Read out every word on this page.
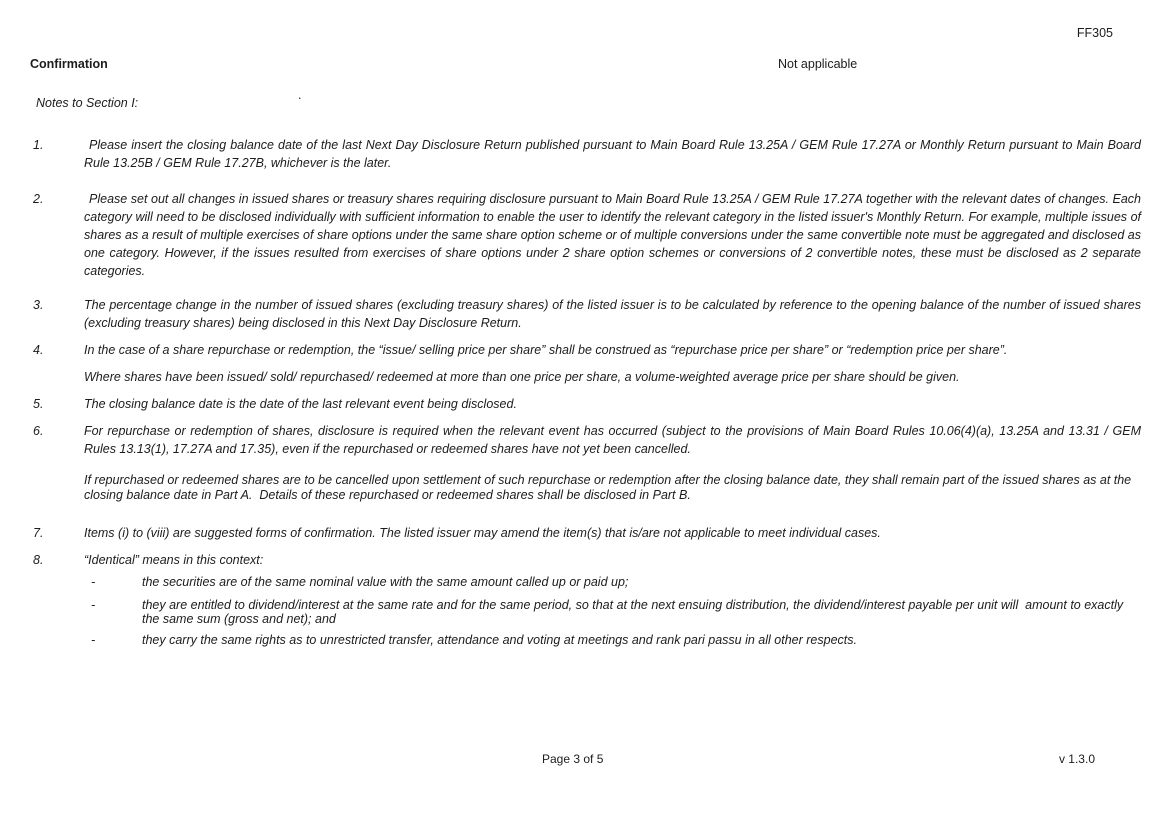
FF305
Confirmation	Not applicable
Notes to Section I:
.
1.	Please insert the closing balance date of the last Next Day Disclosure Return published pursuant to Main Board Rule 13.25A / GEM Rule 17.27A or Monthly Return pursuant to Main Board Rule 13.25B / GEM Rule 17.27B, whichever is the later.

2.	Please set out all changes in issued shares or treasury shares requiring disclosure pursuant to Main Board Rule 13.25A / GEM Rule 17.27A together with the relevant dates of changes. Each category will need to be disclosed individually with sufficient information to enable the user to identify the relevant category in the listed issuer's Monthly Return. For example, multiple issues of shares as a result of multiple exercises of share options under the same share option scheme or of multiple conversions under the same convertible note must be aggregated and disclosed as one category. However, if the issues resulted from exercises of share options under 2 share option schemes or conversions of 2 convertible notes, these must be disclosed as 2 separate categories.

3.	The percentage change in the number of issued shares (excluding treasury shares) of the listed issuer is to be calculated by reference to the opening balance of the number of issued shares (excluding treasury shares) being disclosed in this Next Day Disclosure Return.

4.	In the case of a share repurchase or redemption, the “issue/ selling price per share” shall be construed as “repurchase price per share” or “redemption price per share”.

Where shares have been issued/ sold/ repurchased/ redeemed at more than one price per share, a volume-weighted average price per share should be given.

5.	The closing balance date is the date of the last relevant event being disclosed.

6.	For repurchase or redemption of shares, disclosure is required when the relevant event has occurred (subject to the provisions of Main Board Rules 10.06(4)(a), 13.25A and 13.31 / GEM Rules 13.13(1), 17.27A and 17.35), even if the repurchased or redeemed shares have not yet been cancelled.

If repurchased or redeemed shares are to be cancelled upon settlement of such repurchase or redemption after the closing balance date, they shall remain part of the issued shares as at the closing balance date in Part A.  Details of these repurchased or redeemed shares shall be disclosed in Part B.

7.	Items (i) to (viii) are suggested forms of confirmation. The listed issuer may amend the item(s) that is/are not applicable to meet individual cases.

8.	“Identical” means in this context:

-	the securities are of the same nominal value with the same amount called up or paid up;

-	they are entitled to dividend/interest at the same rate and for the same period, so that at the next ensuing distribution, the dividend/interest payable per unit will  amount to exactly the same sum (gross and net); and

-	they carry the same rights as to unrestricted transfer, attendance and voting at meetings and rank pari passu in all other respects.

Page 3 of 5	v 1.3.0
